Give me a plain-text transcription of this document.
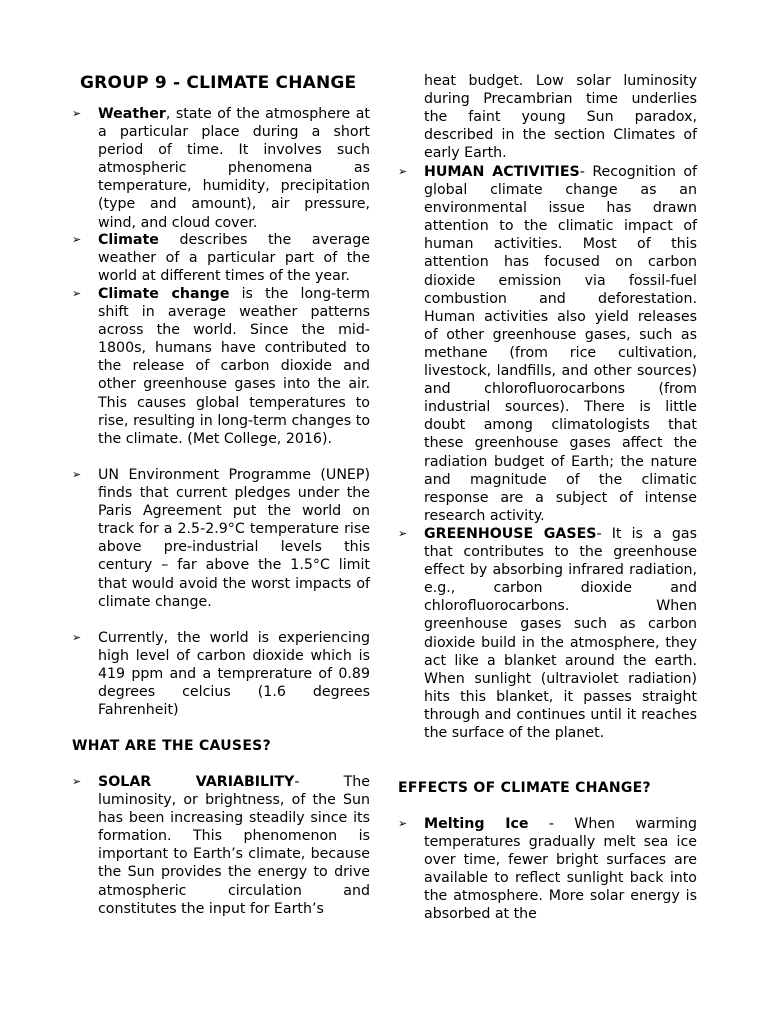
GROUP 9 - CLIMATE CHANGE
➢	Weather, state of the atmosphere at a particular place during a short period of time. It involves such atmospheric phenomena as temperature, humidity, precipitation (type and amount), air pressure, wind, and cloud cover.
➢	Climate describes the average weather of a particular part of the world at different times of the year.
➢	Climate change is the long-term shift in average weather patterns across the world. Since the mid-1800s, humans have contributed to the release of carbon dioxide and other greenhouse gases into the air. This causes global temperatures to rise, resulting in long-term changes to the climate. (Met College, 2016).
➢	UN Environment Programme (UNEP) finds that current pledges under the Paris Agreement put the world on track for a 2.5-2.9°C temperature rise above pre-industrial levels this century – far above the 1.5°C limit that would avoid the worst impacts of climate change.
➢	Currently, the world is experiencing high level of carbon dioxide which is 419 ppm and a temprerature of 0.89 degrees celcius (1.6 degrees Fahrenheit)
WHAT ARE THE CAUSES?
➢	SOLAR VARIABILITY- The luminosity, or brightness, of the Sun has been increasing steadily since its formation. This phenomenon is important to Earth’s climate, because the Sun provides the energy to drive atmospheric circulation and constitutes the input for Earth’s
heat budget. Low solar luminosity during Precambrian time underlies the faint young Sun paradox, described in the section Climates of early Earth.
➢	HUMAN ACTIVITIES- Recognition of global climate change as an environmental issue has drawn attention to the climatic impact of human activities. Most of this attention has focused on carbon dioxide emission via fossil-fuel combustion and deforestation. Human activities also yield releases of other greenhouse gases, such as methane (from rice cultivation, livestock, landfills, and other sources) and chlorofluorocarbons (from industrial sources). There is little doubt among climatologists that these greenhouse gases affect the radiation budget of Earth; the nature and magnitude of the climatic response are a subject of intense research activity.
➢	GREENHOUSE GASES- It is a gas that contributes to the greenhouse effect by absorbing infrared radiation, e.g., carbon dioxide and chlorofluorocarbons. When greenhouse gases such as carbon dioxide build in the atmosphere, they act like a blanket around the earth. When sunlight (ultraviolet radiation) hits this blanket, it passes straight through and continues until it reaches the surface of the planet.
EFFECTS OF CLIMATE CHANGE?
➢	Melting Ice - When warming temperatures gradually melt sea ice over time, fewer bright surfaces are available to reflect sunlight back into the atmosphere. More solar energy is absorbed at the
